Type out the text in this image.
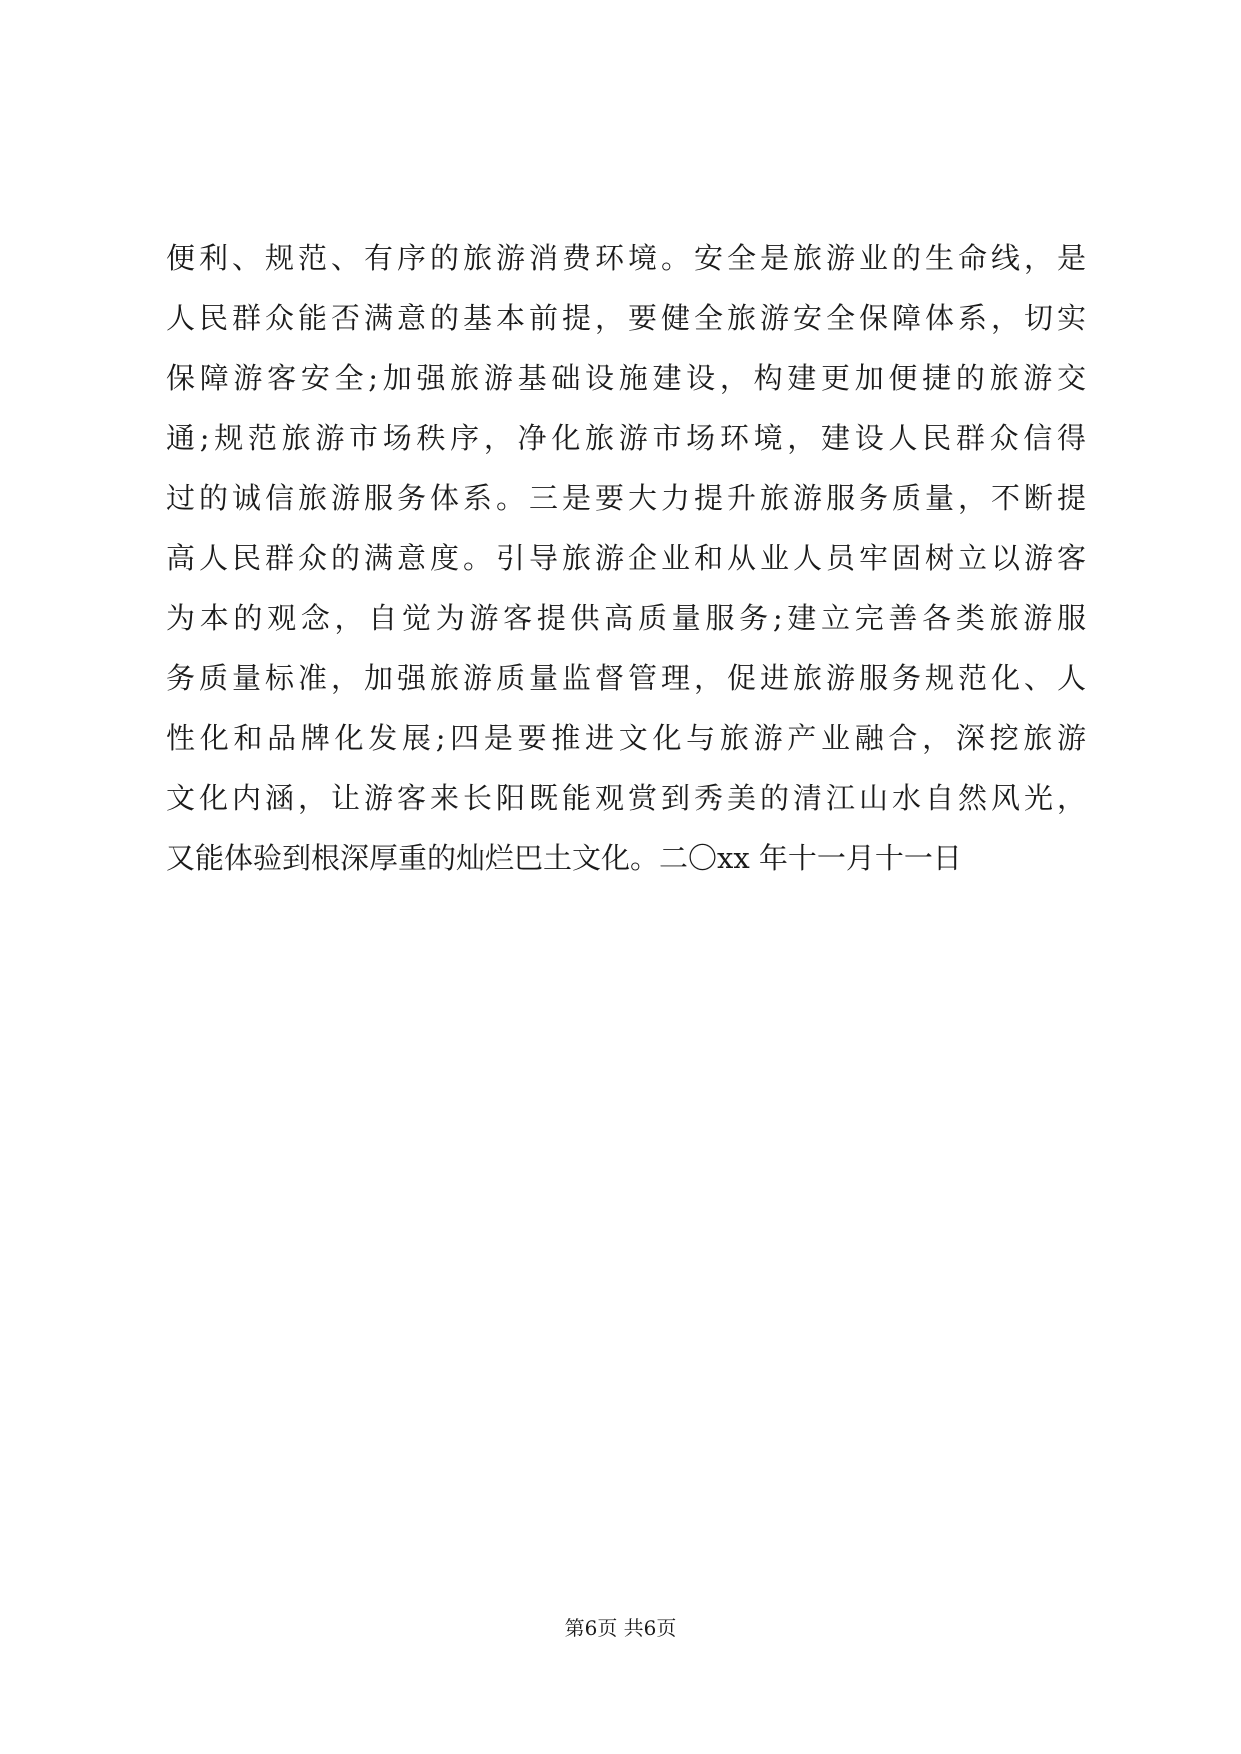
便利、规范、有序的旅游消费环境。安全是旅游业的生命线，是
人民群众能否满意的基本前提，要健全旅游安全保障体系，切实
保障游客安全;加强旅游基础设施建设，构建更加便捷的旅游交
通;规范旅游市场秩序，净化旅游市场环境，建设人民群众信得
过的诚信旅游服务体系。三是要大力提升旅游服务质量，不断提
高人民群众的满意度。引导旅游企业和从业人员牢固树立以游客
为本的观念，自觉为游客提供高质量服务;建立完善各类旅游服
务质量标准，加强旅游质量监督管理，促进旅游服务规范化、人
性化和品牌化发展;四是要推进文化与旅游产业融合，深挖旅游
文化内涵，让游客来长阳既能观赏到秀美的清江山水自然风光，
又能体验到根深厚重的灿烂巴土文化。二〇xx 年十一月十一日
第6页 共6页
